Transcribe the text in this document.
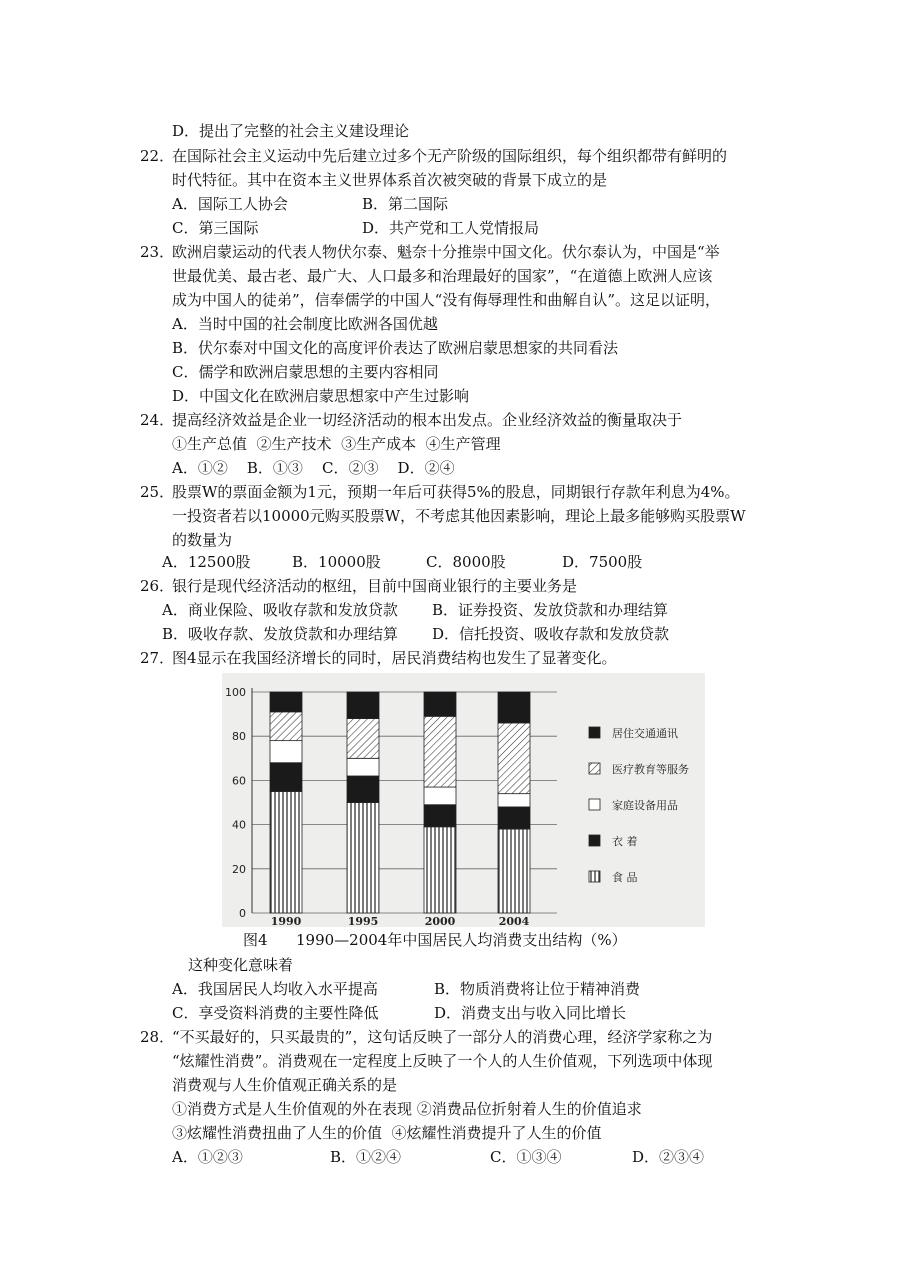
D．提出了完整的社会主义建设理论
22．
在国际社会主义运动中先后建立过多个无产阶级的国际组织，每个组织都带有鲜明的
时代特征。其中在资本主义世界体系首次被突破的背景下成立的是
A．国际工人协会	B．第二国际
C．第三国际	D．共产党和工人党情报局
23．
欧洲启蒙运动的代表人物伏尔泰、魁奈十分推崇中国文化。伏尔泰认为，中国是“举
世最优美、最古老、最广大、人口最多和治理最好的国家”，“在道德上欧洲人应该
成为中国人的徒弟”，信奉儒学的中国人“没有侮辱理性和曲解自认”。这足以证明，
A．当时中国的社会制度比欧洲各国优越
B．伏尔泰对中国文化的高度评价表达了欧洲启蒙思想家的共同看法
C．儒学和欧洲启蒙思想的主要内容相同
D．中国文化在欧洲启蒙思想家中产生过影响
24．
提高经济效益是企业一切经济活动的根本出发点。企业经济效益的衡量取决于
①生产总值  ②生产技术  ③生产成本  ④生产管理
A．①②    B．①③    C．②③    D．②④
25．
股票W的票面金额为1元，预期一年后可获得5%的股息，同期银行存款年利息为4%。
一投资者若以10000元购买股票W，不考虑其他因素影响，理论上最多能够购买股票W
的数量为
A．12500股	B．10000股	C．8000股	D．7500股
26．
银行是现代经济活动的枢纽，目前中国商业银行的主要业务是
A．商业保险、吸收存款和发放贷款 B．证券投资、发放贷款和办理结算
B．吸收存款、发放贷款和办理结算 D．信托投资、吸收存款和发放贷款
27．
图4显示在我国经济增长的同时，居民消费结构也发生了显著变化。
0
20
40
60
80
100
1990	1995	2000	2004
居住交通通讯
医疗教育等服务
家庭设备用品
衣 着
食 品
图4 1990—2004年中国居民人均消费支出结构（%）
这种变化意味着
A．我国居民人均收入水平提高	B．物质消费将让位于精神消费
C．享受资料消费的主要性降低	D．消费支出与收入同比增长
28．
“不买最好的，只买最贵的”，这句话反映了一部分人的消费心理，经济学家称之为
“炫耀性消费”。消费观在一定程度上反映了一个人的人生价值观，下列选项中体现
消费观与人生价值观正确关系的是
①消费方式是人生价值观的外在表现 ②消费品位折射着人生的价值追求
③炫耀性消费扭曲了人生的价值  ④炫耀性消费提升了人生的价值
A．①②③	B．①②④	C．①③④	D．②③④
